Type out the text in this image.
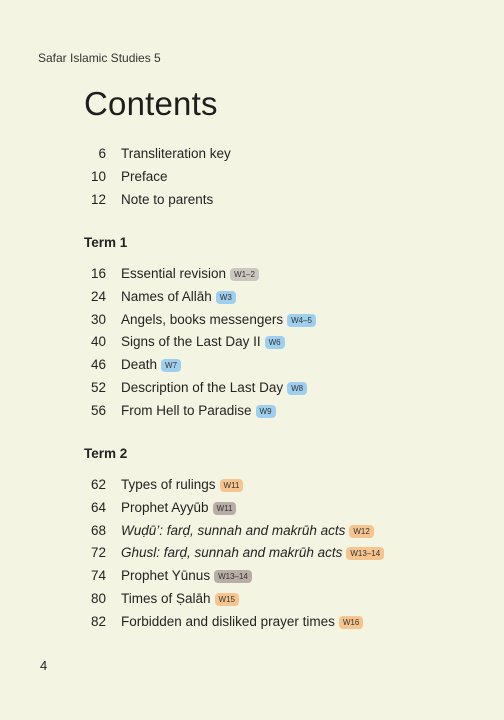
Safar Islamic Studies 5
Contents
6 Transliteration key
10 Preface
12 Note to parents
Term 1
16 Essential revision W1–2
24 Names of Allāh W3
30 Angels, books messengers W4–5
40 Signs of the Last Day II W6
46 Death W7
52 Description of the Last Day W8
56 From Hell to Paradise W9
Term 2
62 Types of rulings W11
64 Prophet Ayyūb W11
68 Wuḍū’: farḍ, sunnah and makrūh acts W12
72 Ghusl: farḍ, sunnah and makrūh acts W13–14
74 Prophet Yūnus W13–14
80 Times of Ṣalāh W15
82 Forbidden and disliked prayer times W16
4
